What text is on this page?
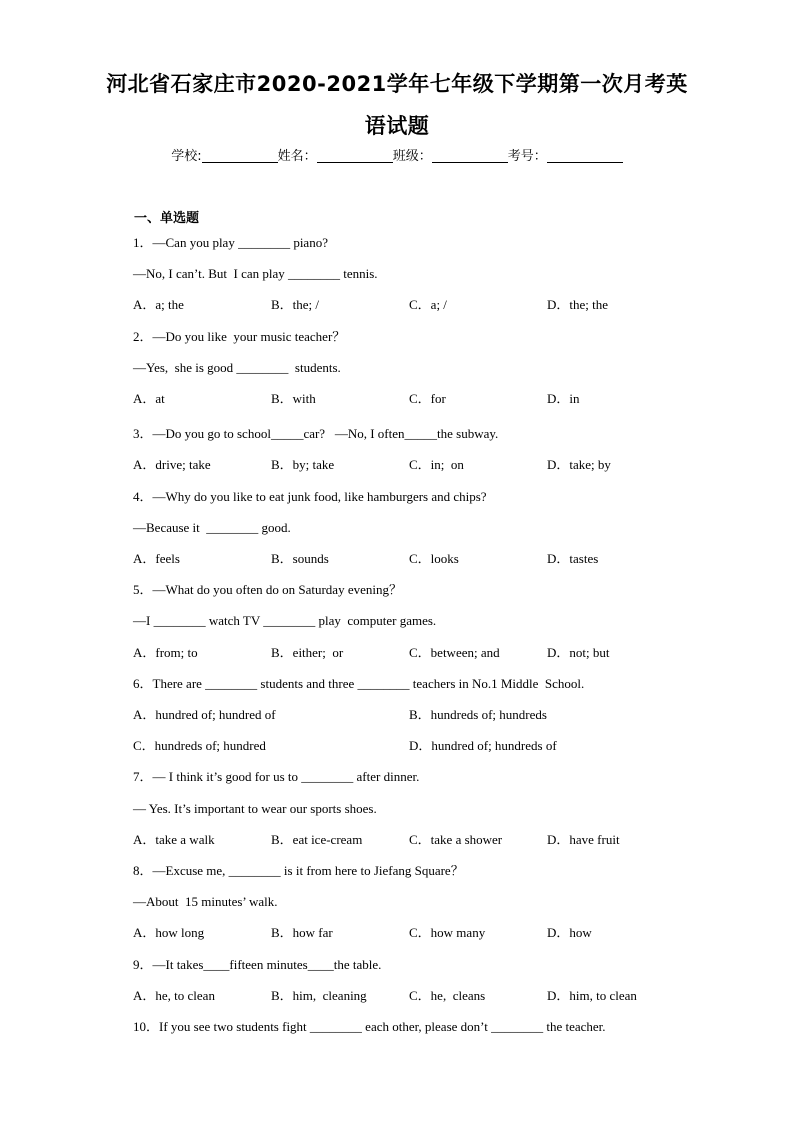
河北省石家庄市2020-2021学年七年级下学期第一次月考英
语试题
学校:	姓名：	班级：	考号：
一、单选题
1．—Can you play ________ piano?
—No, I can’t. But  I can play ________ tennis.
A．a; the	B．the; /	C．a; /	D．the; the
2．—Do you like  your music teacher？
—Yes,  she is good ________  students.
A．at	B．with	C．for	D．in
3．—Do you go to school_____car?   —No, I often_____the subway.
A．drive; take	B．by; take	C．in;  on	D．take; by
4．—Why do you like to eat junk food, like hamburgers and chips?
—Because it  ________ good.
A．feels	B．sounds	C．looks	D．tastes
5．—What do you often do on Saturday evening？
—I ________ watch TV ________ play  computer games.
A．from; to	B．either;  or	C．between; and	D．not; but
6．There are ________ students and three ________ teachers in No.1 Middle  School.
A．hundred of; hundred of	B．hundreds of; hundreds
C．hundreds of; hundred	D．hundred of; hundreds of
7．— I think it’s good for us to ________ after dinner.
— Yes. It’s important to wear our sports shoes.
A．take a walk	B．eat ice-cream	C．take a shower	D．have fruit
8．—Excuse me, ________ is it from here to Jiefang Square？
—About  15 minutes’ walk.
A．how long	B．how far	C．how many	D．how
9．—It takes____fifteen minutes____the table.
A．he, to clean	B．him,  cleaning	C．he,  cleans	D．him, to clean
10．If you see two students fight ________ each other, please don’t ________ the teacher.
